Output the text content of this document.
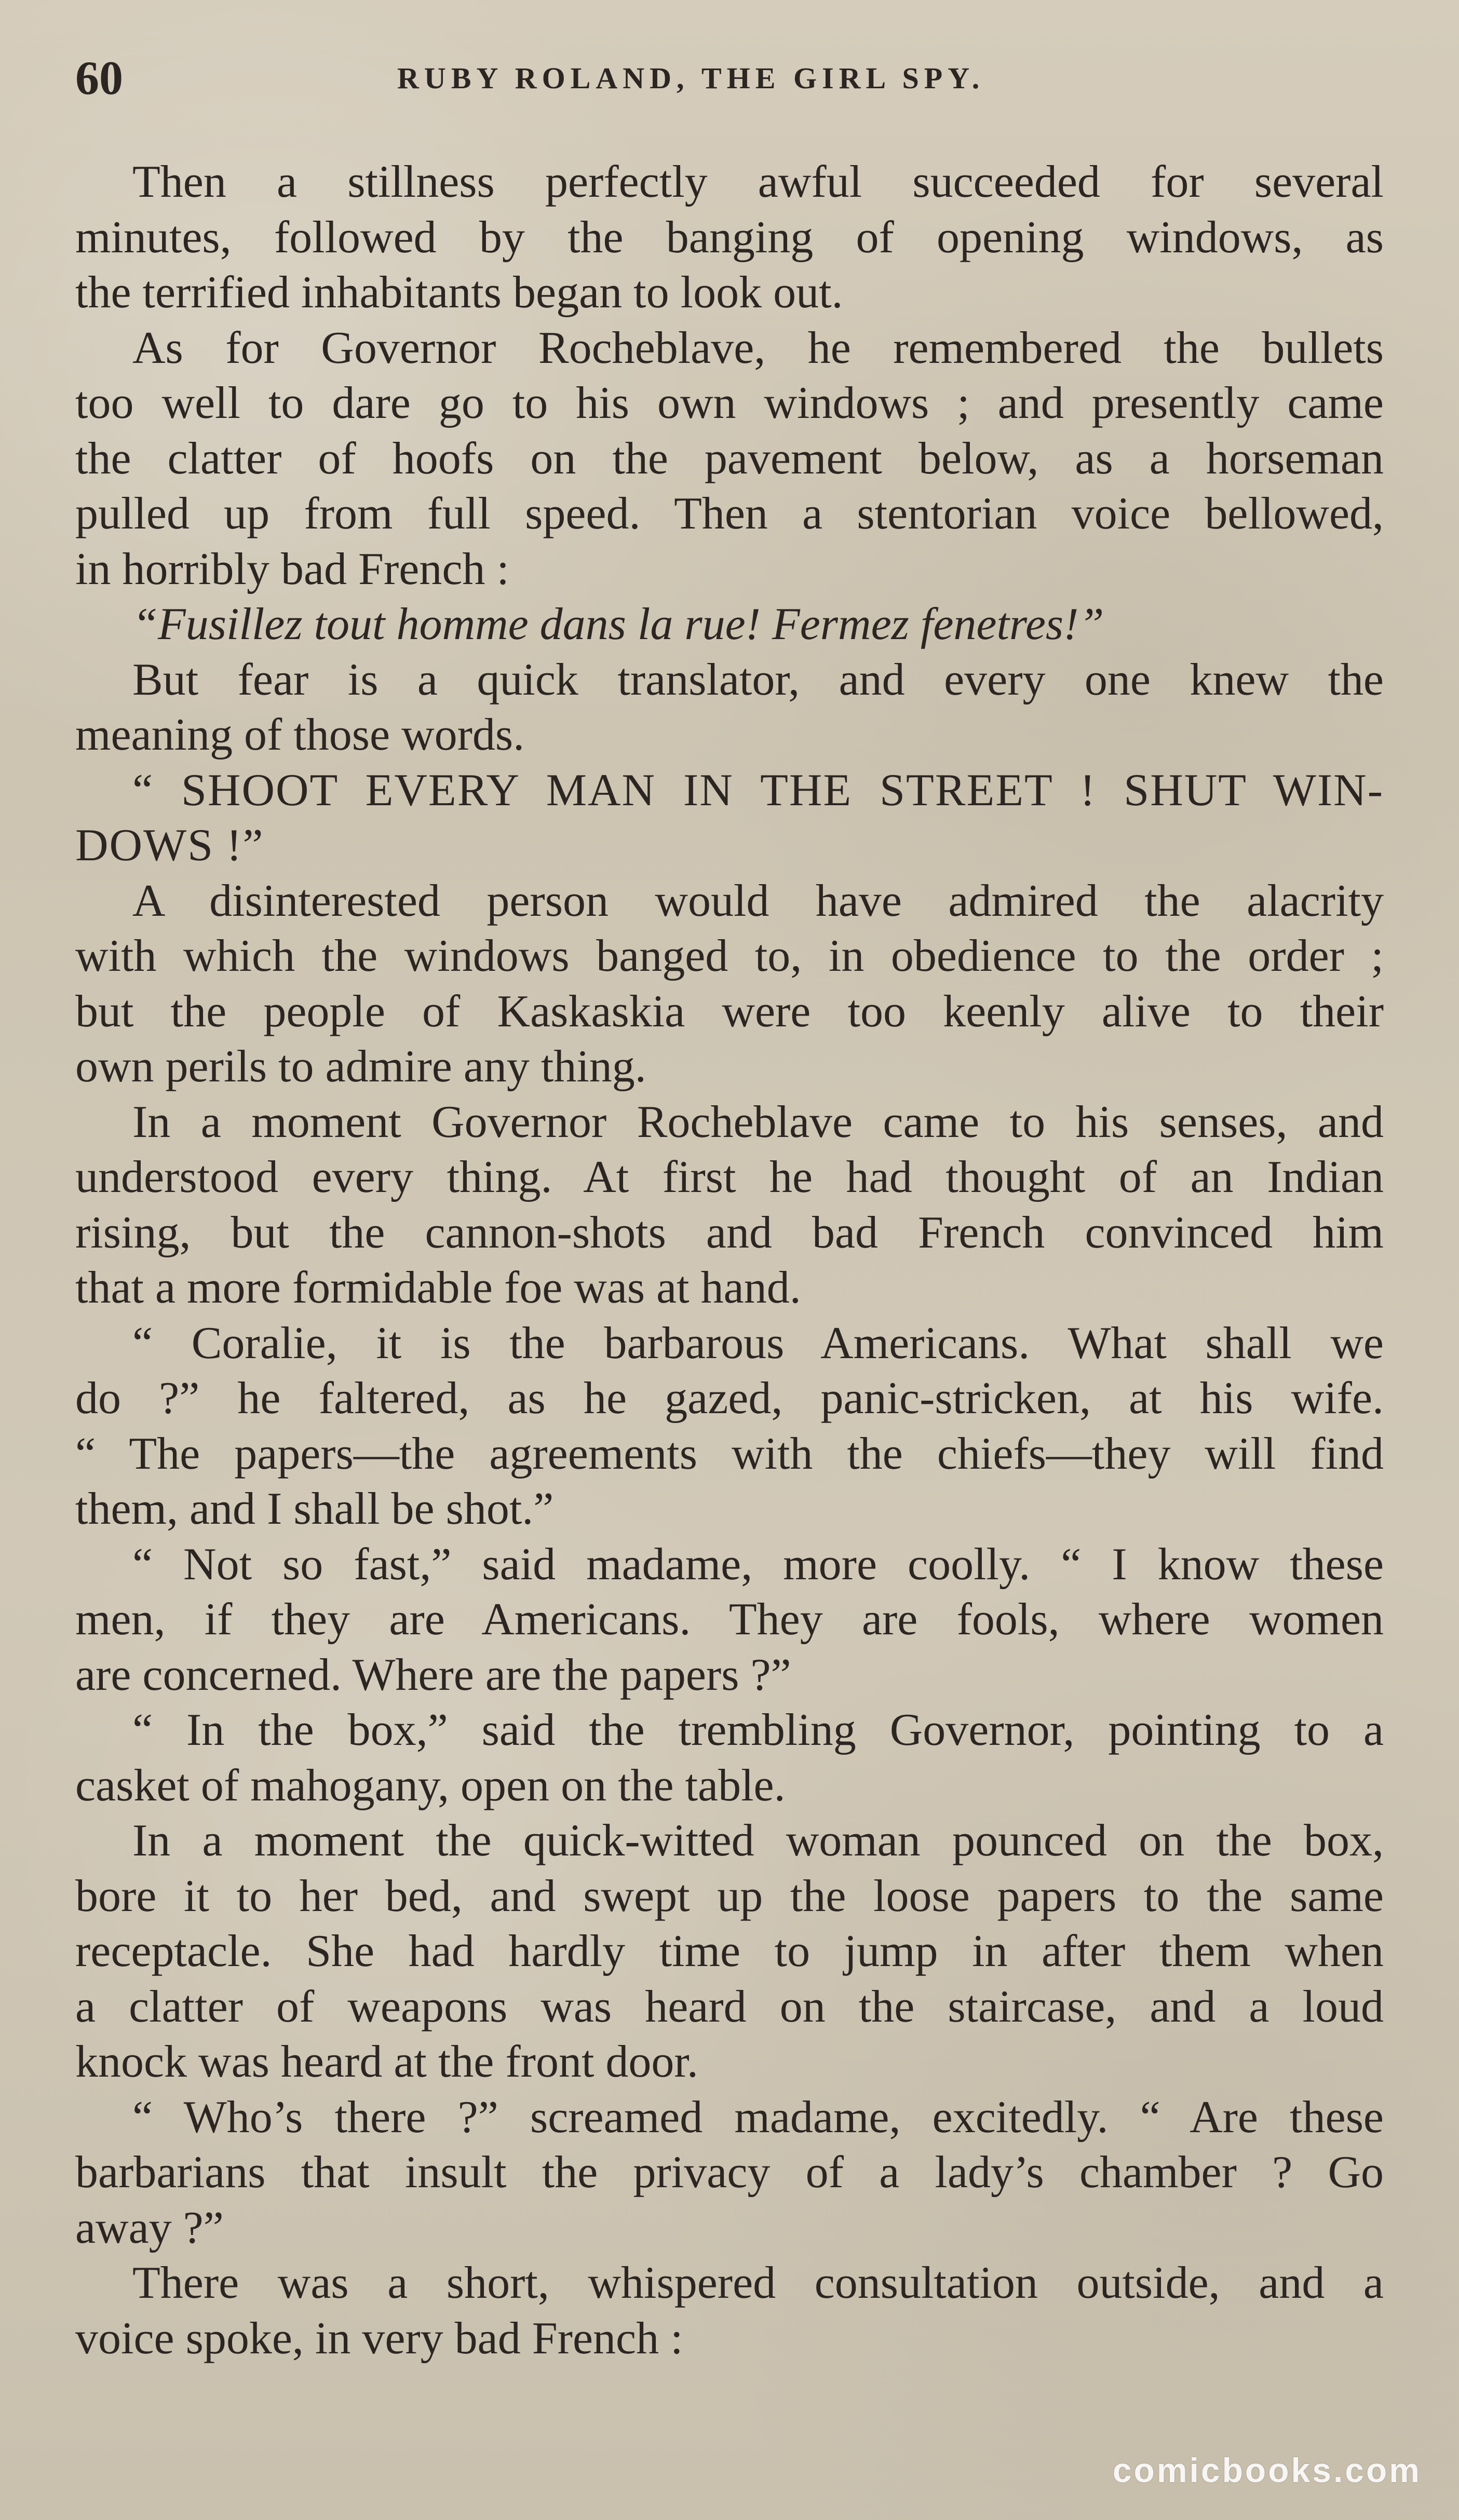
60	RUBY ROLAND, THE GIRL SPY.
Then a stillness perfectly awful succeeded for several
minutes, followed by the banging of opening windows, as
the terrified inhabitants began to look out.
As for Governor Rocheblave, he remembered the bullets
too well to dare go to his own windows ; and presently came
the clatter of hoofs on the pavement below, as a horseman
pulled up from full speed. Then a stentorian voice bellowed,
in horribly bad French :
“Fusillez tout homme dans la rue! Fermez fenetres!”
But fear is a quick translator, and every one knew the
meaning of those words.
“ SHOOT EVERY MAN IN THE STREET ! SHUT WIN-
DOWS !”
A disinterested person would have admired the alacrity
with which the windows banged to, in obedience to the order ;
but the people of Kaskaskia were too keenly alive to their
own perils to admire any thing.
In a moment Governor Rocheblave came to his senses, and
understood every thing. At first he had thought of an Indian
rising, but the cannon-shots and bad French convinced him
that a more formidable foe was at hand.
“ Coralie, it is the barbarous Americans. What shall we
do ?” he faltered, as he gazed, panic-stricken, at his wife.
“ The papers—the agreements with the chiefs—they will find
them, and I shall be shot.”
“ Not so fast,” said madame, more coolly. “ I know these
men, if they are Americans. They are fools, where women
are concerned. Where are the papers ?”
“ In the box,” said the trembling Governor, pointing to a
casket of mahogany, open on the table.
In a moment the quick-witted woman pounced on the box,
bore it to her bed, and swept up the loose papers to the same
receptacle. She had hardly time to jump in after them when
a clatter of weapons was heard on the staircase, and a loud
knock was heard at the front door.
“ Who’s there ?” screamed madame, excitedly. “ Are these
barbarians that insult the privacy of a lady’s chamber ? Go
away ?”
There was a short, whispered consultation outside, and a
voice spoke, in very bad French :
comicbooks.com
